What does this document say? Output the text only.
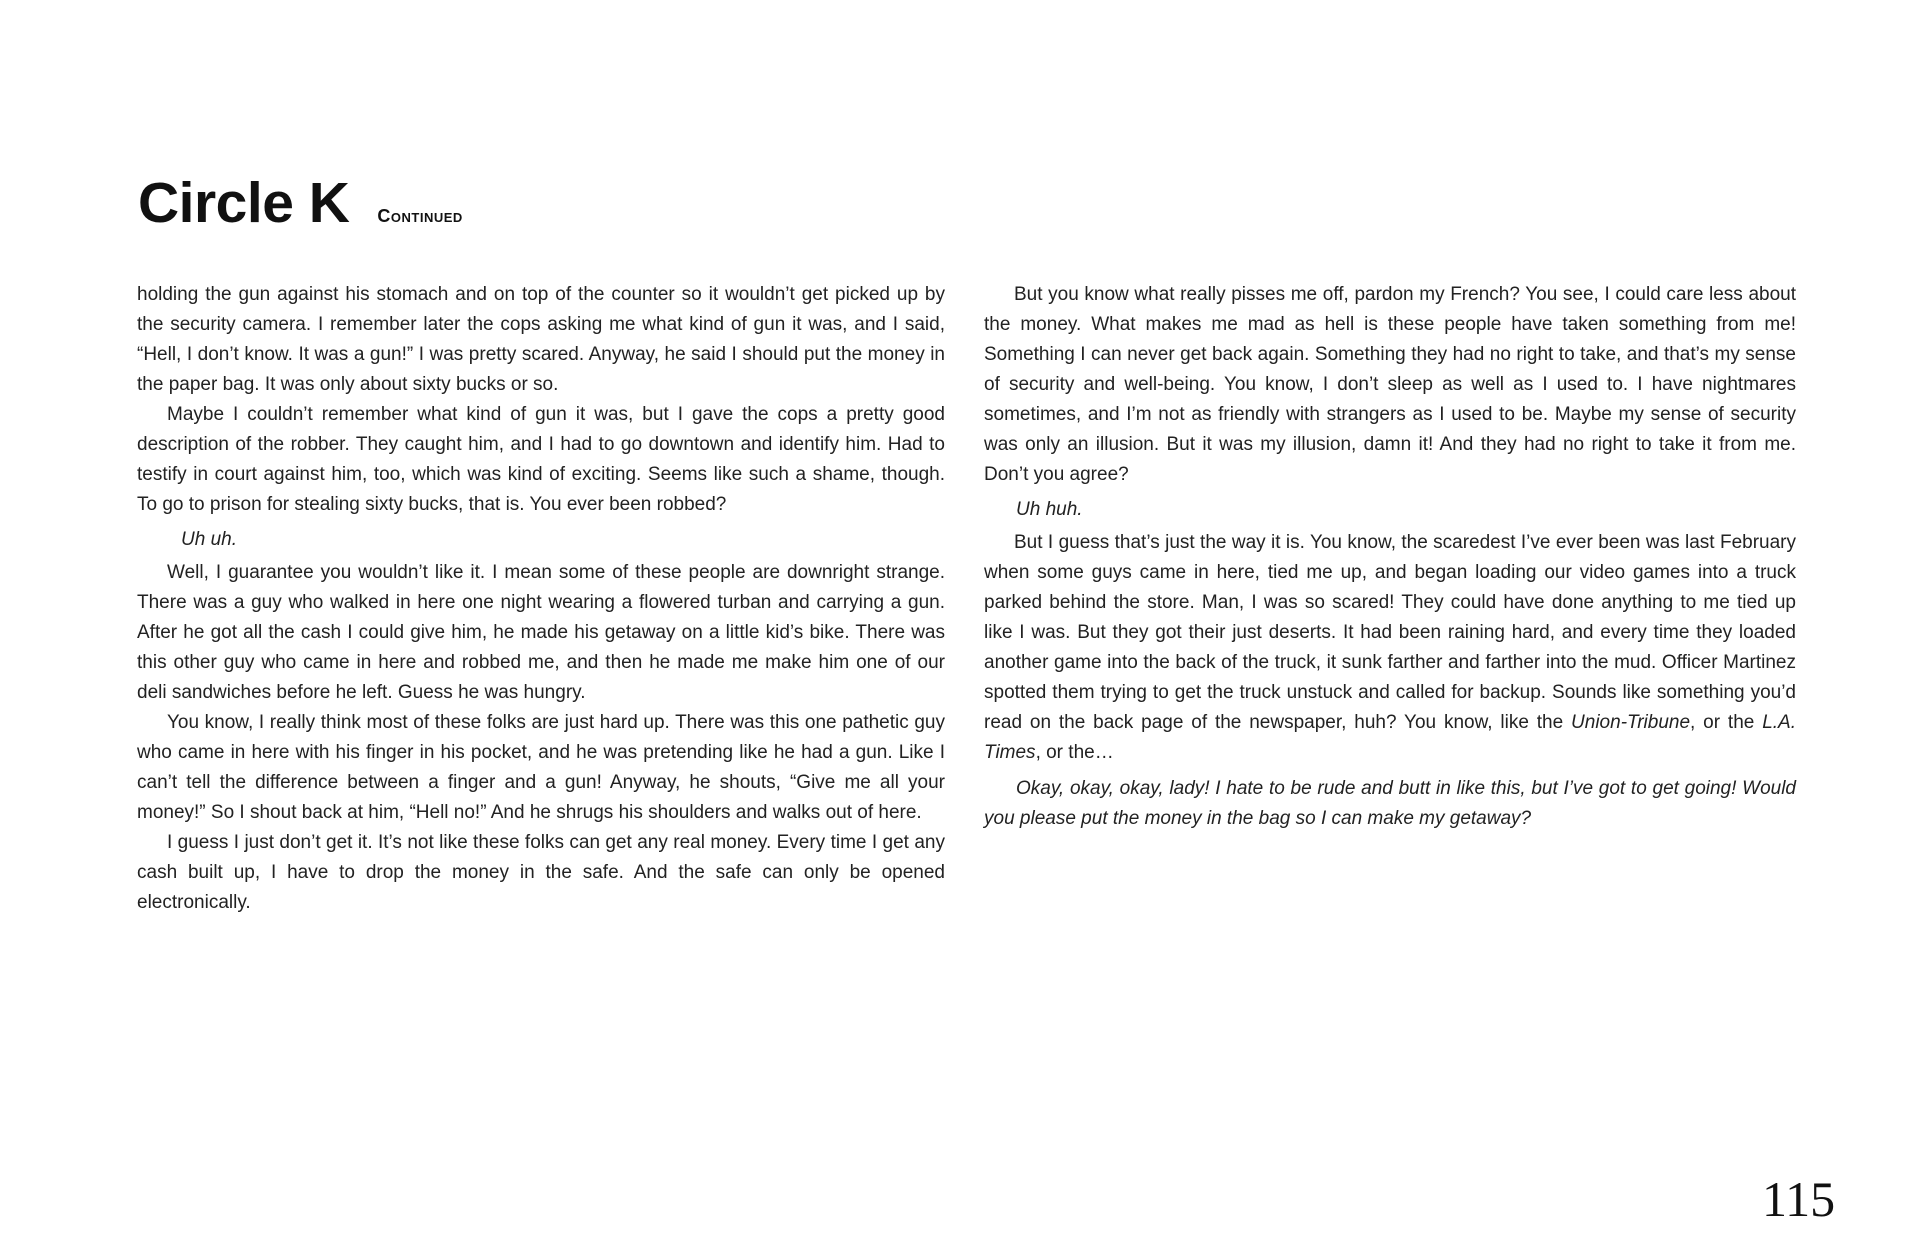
Circle K Continued

holding the gun against his stomach and on top of the counter so it wouldn’t get picked up by the security camera. I remember later the cops asking me what kind of gun it was, and I said, “Hell, I don’t know. It was a gun!” I was pretty scared. Anyway, he said I should put the money in the paper bag. It was only about sixty bucks or so.

Maybe I couldn’t remember what kind of gun it was, but I gave the cops a pretty good description of the robber. They caught him, and I had to go downtown and identify him. Had to testify in court against him, too, which was kind of exciting. Seems like such a shame, though. To go to prison for stealing sixty bucks, that is. You ever been robbed?

Uh uh.

Well, I guarantee you wouldn’t like it. I mean some of these people are downright strange. There was a guy who walked in here one night wearing a flowered turban and carrying a gun. After he got all the cash I could give him, he made his getaway on a little kid’s bike. There was this other guy who came in here and robbed me, and then he made me make him one of our deli sandwiches before he left. Guess he was hungry.

You know, I really think most of these folks are just hard up. There was this one pathetic guy who came in here with his finger in his pocket, and he was pretending like he had a gun. Like I can’t tell the difference between a finger and a gun! Anyway, he shouts, “Give me all your money!” So I shout back at him, “Hell no!” And he shrugs his shoulders and walks out of here.

I guess I just don’t get it. It’s not like these folks can get any real money. Every time I get any cash built up, I have to drop the money in the safe. And the safe can only be opened electronically.

But you know what really pisses me off, pardon my French? You see, I could care less about the money. What makes me mad as hell is these people have taken something from me! Something I can never get back again. Something they had no right to take, and that’s my sense of security and well-being. You know, I don’t sleep as well as I used to. I have nightmares sometimes, and I’m not as friendly with strangers as I used to be. Maybe my sense of security was only an illusion. But it was my illusion, damn it! And they had no right to take it from me. Don’t you agree?

Uh huh.

But I guess that’s just the way it is. You know, the scaredest I’ve ever been was last February when some guys came in here, tied me up, and began loading our video games into a truck parked behind the store. Man, I was so scared! They could have done anything to me tied up like I was. But they got their just deserts. It had been raining hard, and every time they loaded another game into the back of the truck, it sunk farther and farther into the mud. Officer Martinez spotted them trying to get the truck unstuck and called for backup. Sounds like something you’d read on the back page of the newspaper, huh? You know, like the Union-Tribune, or the L.A. Times, or the…

Okay, okay, okay, lady! I hate to be rude and butt in like this, but I’ve got to get going! Would you please put the money in the bag so I can make my getaway?

115
